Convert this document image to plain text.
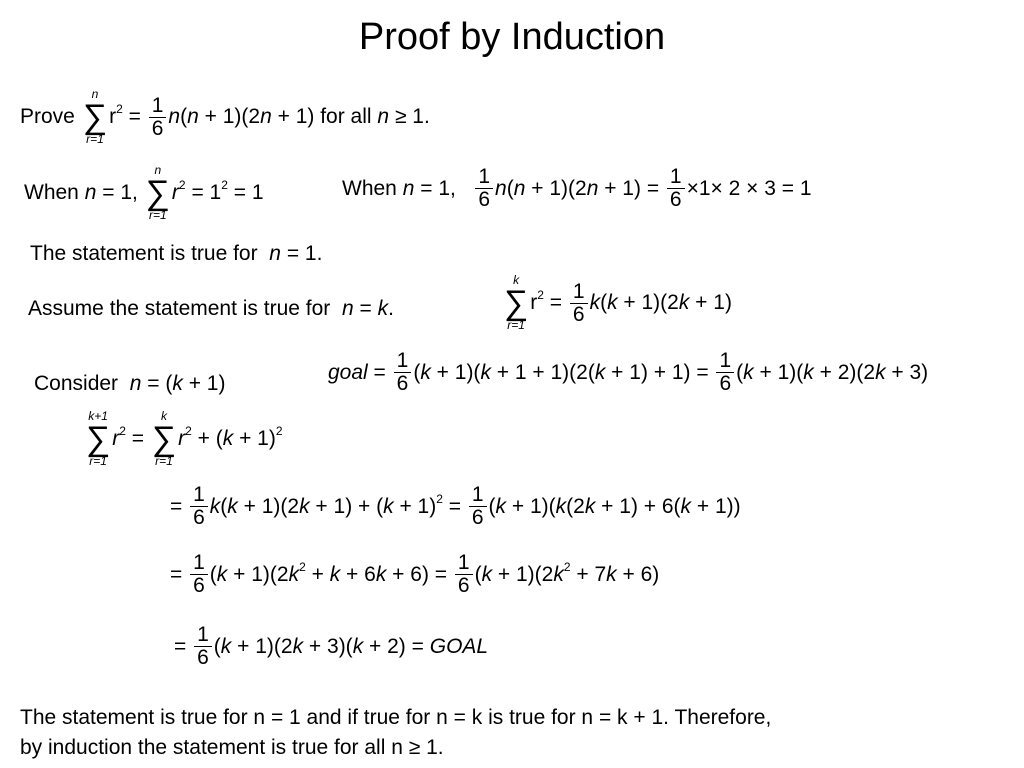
Proof by Induction
Prove
n
∑
r=1
$r^2 = \frac{1}{6} n(n + 1)(2n + 1)$ for all n ≥ 1.
When n = 1,
n
∑
r=1
$r^2 = 1^2 = 1$	When n = 1, $\frac{1}{6} n(n + 1)(2n + 1) = \frac{1}{6} \times 1\times 2 \times 3 = 1$
The statement is true for n = 1.
Assume the statement is true for n = k.
k
∑
r=1
$r^2 = \frac{1}{6} k(k + 1)(2k + 1)$
Consider n = (k + 1)	goal = $\frac{1}{6} (k + 1)(k + 1 + 1)(2(k + 1) + 1) = \frac{1}{6} (k + 1)(k + 2)(2k + 3)$
k+1
∑
r=1
$r^2$ =
k
∑
r=1
$r^2 + (k + 1)^2$
= $\frac{1}{6} k(k + 1)(2k + 1) + (k + 1)^2 = \frac{1}{6} (k + 1)(k(2k + 1) + 6(k + 1))$
= $\frac{1}{6} (k + 1)(2k^2 + k + 6k + 6) = \frac{1}{6} (k + 1)(2k^2 + 7k + 6)$
= $\frac{1}{6} (k + 1)(2k + 3)(k + 2)$ = GOAL
The statement is true for n = 1 and if true for n = k is true for n = k + 1. Therefore,
by induction the statement is true for all n ≥ 1.
